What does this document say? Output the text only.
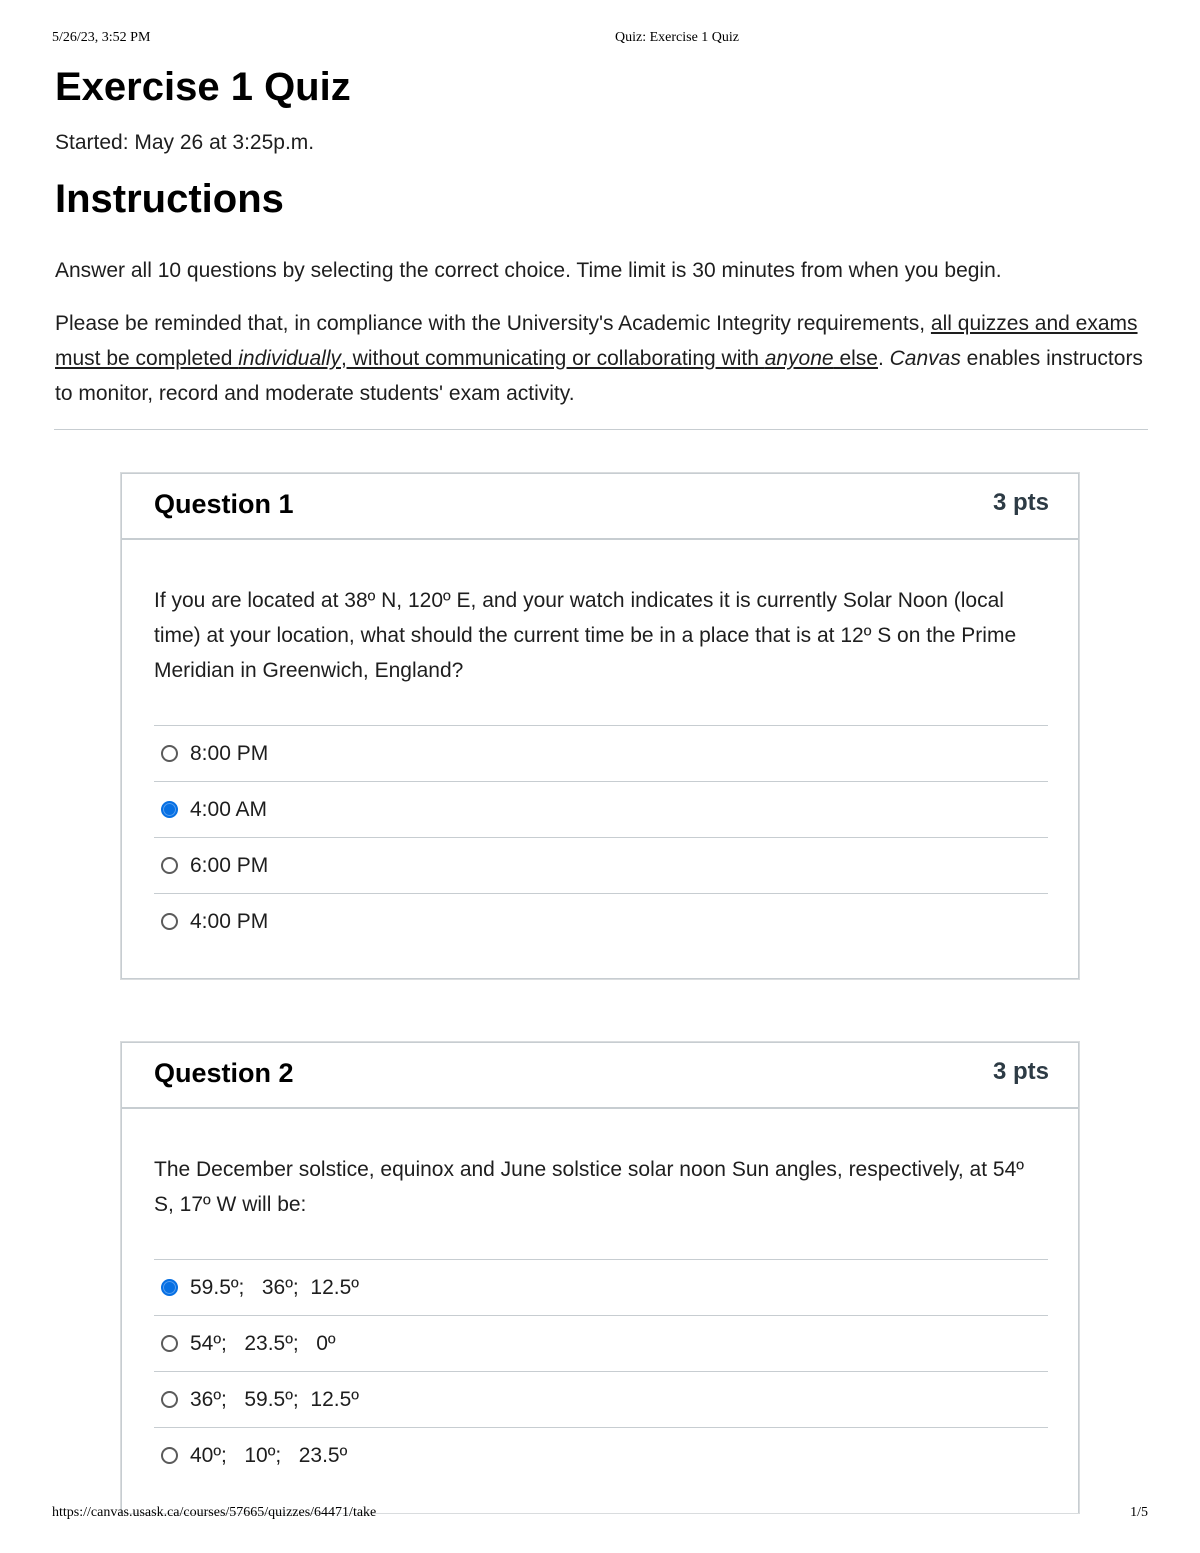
5/26/23, 3:52 PM	Quiz: Exercise 1 Quiz
Exercise 1 Quiz
Started: May 26 at 3:25p.m.
Instructions

Answer all 10 questions by selecting the correct choice. Time limit is 30 minutes from when you begin.

Please be reminded that, in compliance with the University's Academic Integrity requirements, all quizzes and exams must be completed individually, without communicating or collaborating with anyone else. Canvas enables instructors to monitor, record and moderate students' exam activity.

Question 1	3 pts

If you are located at 38º N, 120º E, and your watch indicates it is currently Solar Noon (local time) at your location, what should the current time be in a place that is at 12º S on the Prime Meridian in Greenwich, England?

8:00 PM
4:00 AM
6:00 PM
4:00 PM
Question 2	3 pts

The December solstice, equinox and June solstice solar noon Sun angles, respectively, at 54º S, 17º W will be:

59.5º;   36º;  12.5º
54º;   23.5º;   0º
36º;   59.5º;  12.5º
40º;   10º;   23.5º
https://canvas.usask.ca/courses/57665/quizzes/64471/take	1/5
